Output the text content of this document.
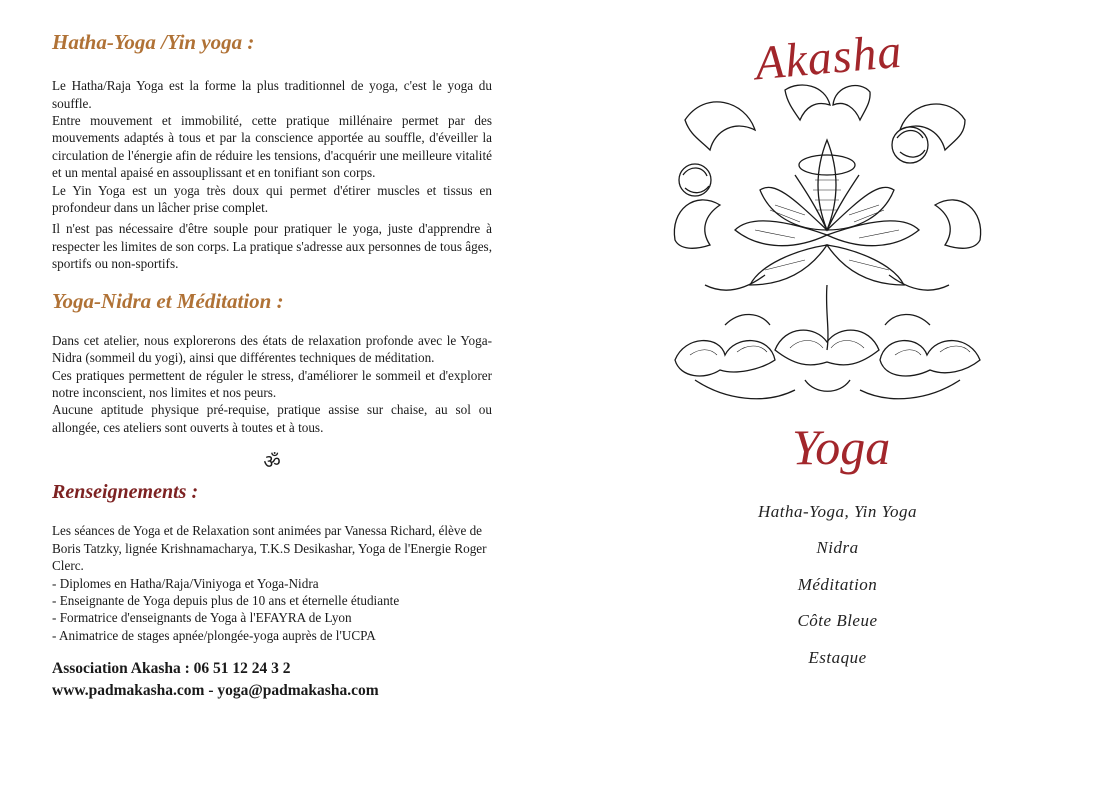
Hatha-Yoga /Yin yoga :

Le Hatha/Raja Yoga est la forme la plus traditionnel de yoga, c'est le yoga du souffle.

Entre mouvement et immobilité, cette pratique millénaire permet par des mouvements adaptés à tous et par la conscience apportée au souffle, d'éveiller la circulation de l'énergie afin de réduire les tensions, d'acquérir une meilleure vitalité et un mental apaisé en assouplissant et en tonifiant son corps.

Le Yin Yoga est un yoga très doux qui permet d'étirer muscles et tissus en profondeur dans un lâcher prise complet.

Il n'est pas nécessaire d'être souple pour pratiquer le yoga, juste d'apprendre à respecter les limites de son corps. La pratique s'adresse aux personnes de tous âges, sportifs ou non-sportifs.

Yoga-Nidra et Méditation :

Dans cet atelier, nous explorerons des états de relaxation profonde avec le Yoga-Nidra (sommeil du yogi), ainsi que différentes techniques de méditation.

Ces pratiques permettent de réguler le stress, d'améliorer le sommeil et d'explorer notre inconscient, nos limites et nos peurs.

Aucune aptitude physique pré-requise, pratique assise sur chaise, au sol ou allongée, ces ateliers sont ouverts à toutes et à tous.

ॐ
Renseignements :

Les séances de Yoga et de Relaxation sont animées par Vanessa Richard, élève de Boris Tatzky, lignée Krishnamacharya, T.K.S Desikashar, Yoga de l'Energie Roger Clerc.

- Diplomes en Hatha/Raja/Viniyoga et Yoga-Nidra

- Enseignante de Yoga depuis plus de 10 ans et éternelle étudiante

- Formatrice d'enseignants de Yoga à l'EFAYRA de Lyon

- Animatrice de stages apnée/plongée-yoga auprès de l'UCPA

Association Akasha : 06 51 12 24 3 2

www.padmakasha.com - yoga@padmakasha.com

Akasha
Yoga
Hatha-Yoga, Yin Yoga
Nidra
Méditation
Côte Bleue
Estaque
